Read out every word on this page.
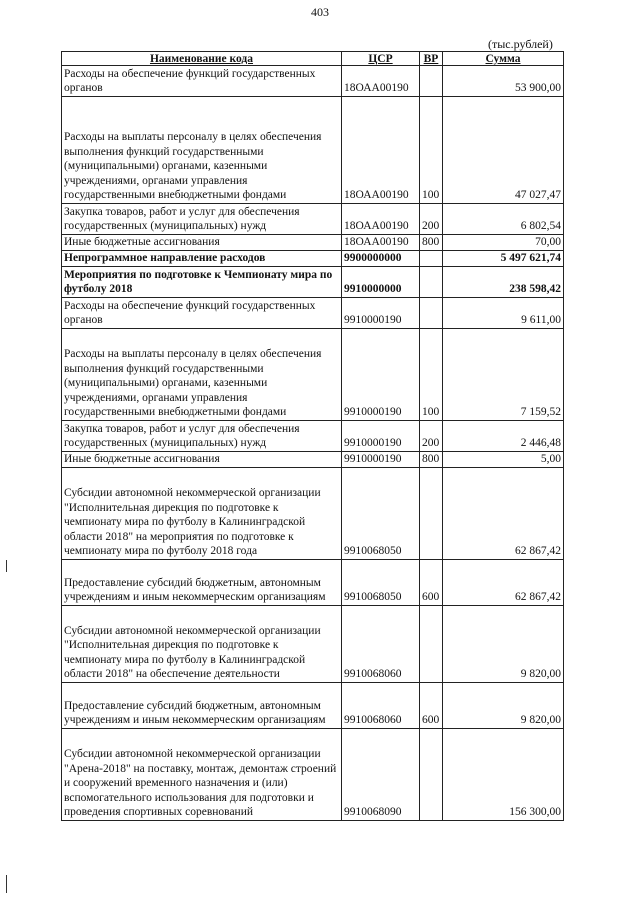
403
(тыс.рублей)
Наименование кода	ЦСР	ВР	Сумма
Расходы на обеспечение функций государственных органов	18ОАА00190		53 900,00
Расходы на выплаты персоналу в целях обеспечения выполнения функций государственными (муниципальными) органами, казенными учреждениями, органами управления государственными внебюджетными фондами	18ОАА00190	100	47 027,47
Закупка товаров, работ и услуг для обеспечения государственных (муниципальных) нужд	18ОАА00190	200	6 802,54
Иные бюджетные ассигнования	18ОАА00190	800	70,00
Непрограммное направление расходов	9900000000		5 497 621,74
Мероприятия по подготовке к Чемпионату мира по футболу 2018	9910000000		238 598,42
Расходы на обеспечение функций государственных органов	9910000190		9 611,00
Расходы на выплаты персоналу в целях обеспечения выполнения функций государственными (муниципальными) органами, казенными учреждениями, органами управления государственными внебюджетными фондами	9910000190	100	7 159,52
Закупка товаров, работ и услуг для обеспечения государственных (муниципальных) нужд	9910000190	200	2 446,48
Иные бюджетные ассигнования	9910000190	800	5,00
Субсидии автономной некоммерческой организации "Исполнительная дирекция по подготовке к чемпионату мира по футболу в Калининградской области 2018" на мероприятия по подготовке к чемпионату мира по футболу 2018 года	9910068050		62 867,42
Предоставление субсидий бюджетным, автономным учреждениям и иным некоммерческим организациям	9910068050	600	62 867,42
Субсидии автономной некоммерческой организации "Исполнительная дирекция по подготовке к чемпионату мира по футболу в Калининградской области 2018" на обеспечение деятельности	9910068060		9 820,00
Предоставление субсидий бюджетным, автономным учреждениям и иным некоммерческим организациям	9910068060	600	9 820,00
Субсидии автономной некоммерческой организации "Арена-2018" на поставку, монтаж, демонтаж строений и сооружений временного назначения и (или) вспомогательного использования для подготовки и проведения спортивных соревнований	9910068090		156 300,00
